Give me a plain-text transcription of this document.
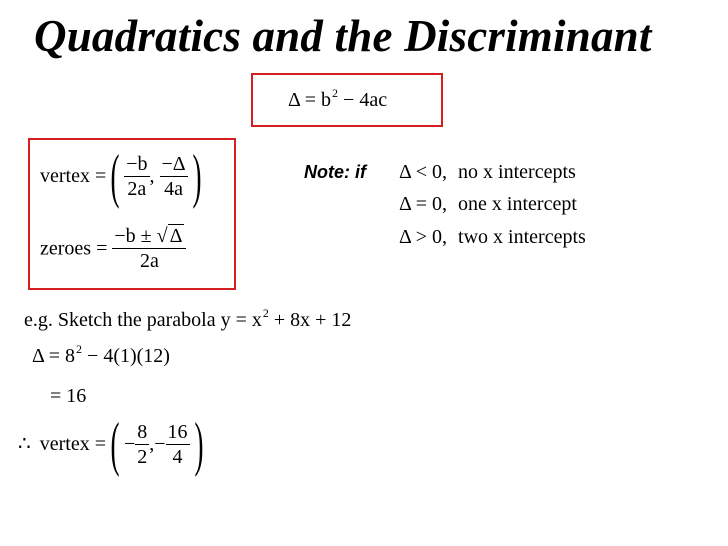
Quadratics and the Discriminant
$\Delta = b^2 - 4ac$
vertex = ( $\frac{-b}{2a}$ , $\frac{-\Delta}{4a}$ )
zeroes = $\frac{-b \pm √ \Delta}{2a}$
Note: if Δ < 0, no x intercepts
Δ = 0, one x intercept
Δ > 0, two x intercepts
e.g. Sketch the parabola $y = x^2 + 8x + 12$
$\Delta = 8^2 - 4(1)(12)$
= 16
∴ vertex = ( − $\frac{8}{2}$ ,− $\frac{16}{4}$ )
